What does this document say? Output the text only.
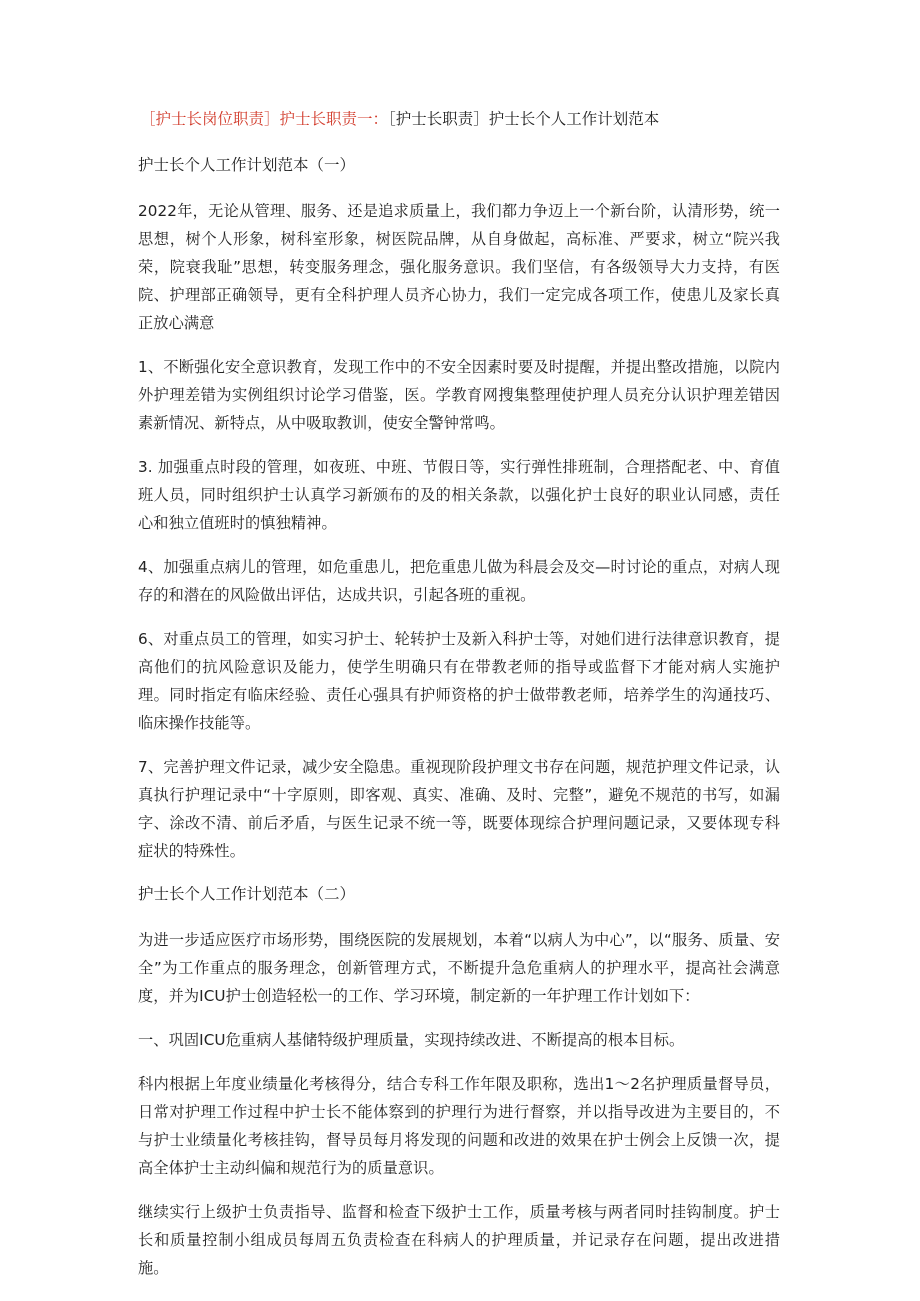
［护士长岗位职责］护士长职责一：［护士长职责］护士长个人工作计划范本
护士长个人工作计划范本（一）

2022年，无论从管理、服务、还是追求质量上，我们都力争迈上一个新台阶，认清形势，统一思想，树个人形象，树科室形象，树医院品牌，从自身做起，高标准、严要求，树立“院兴我荣，院衰我耻”思想，转变服务理念，强化服务意识。我们坚信，有各级领导大力支持，有医院、护理部正确领导，更有全科护理人员齐心协力，我们一定完成各项工作，使患儿及家长真正放心满意

1、不断强化安全意识教育，发现工作中的不安全因素时要及时提醒，并提出整改措施，以院内外护理差错为实例组织讨论学习借鉴，医。学教育网搜集整理使护理人员充分认识护理差错因素新情况、新特点，从中吸取教训，使安全警钟常鸣。

3. 加强重点时段的管理，如夜班、中班、节假日等，实行弹性排班制，合理搭配老、中、育值班人员，同时组织护士认真学习新颁布的及的相关条款，以强化护士良好的职业认同感，责任心和独立值班时的慎独精神。

4、加强重点病儿的管理，如危重患儿，把危重患儿做为科晨会及交—时讨论的重点，对病人现存的和潜在的风险做出评估，达成共识，引起各班的重视。

6、对重点员工的管理，如实习护士、轮转护士及新入科护士等，对她们进行法律意识教育，提高他们的抗风险意识及能力，使学生明确只有在带教老师的指导或监督下才能对病人实施护理。同时指定有临床经验、责任心强具有护师资格的护士做带教老师，培养学生的沟通技巧、临床操作技能等。

7、完善护理文件记录，减少安全隐患。重视现阶段护理文书存在问题，规范护理文件记录，认真执行护理记录中“十字原则，即客观、真实、准确、及时、完整”，避免不规范的书写，如漏字、涂改不清、前后矛盾，与医生记录不统一等，既要体现综合护理问题记录，又要体现专科症状的特殊性。

护士长个人工作计划范本（二）

为进一步适应医疗市场形势，围绕医院的发展规划，本着“以病人为中心”，以“服务、质量、安全”为工作重点的服务理念，创新管理方式，不断提升急危重病人的护理水平，提高社会满意度，并为ICU护士创造轻松一的工作、学习环境，制定新的一年护理工作计划如下：

一、巩固ICU危重病人基储特级护理质量，实现持续改进、不断提高的根本目标。

科内根据上年度业绩量化考核得分，结合专科工作年限及职称，选出1～2名护理质量督导员，日常对护理工作过程中护士长不能体察到的护理行为进行督察，并以指导改进为主要目的，不与护士业绩量化考核挂钩，督导员每月将发现的问题和改进的效果在护士例会上反馈一次，提高全体护士主动纠偏和规范行为的质量意识。

继续实行上级护士负责指导、监督和检查下级护士工作，质量考核与两者同时挂钩制度。护士长和质量控制小组成员每周五负责检查在科病人的护理质量，并记录存在问题，提出改进措施。
